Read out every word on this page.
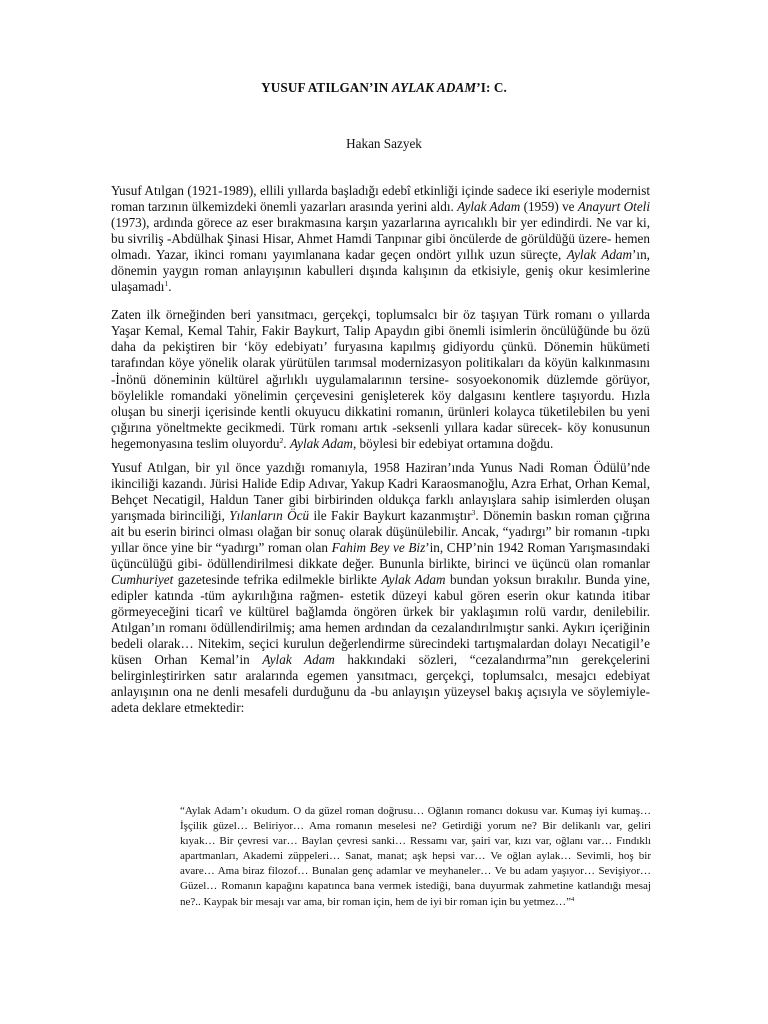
YUSUF ATILGAN’IN AYLAK ADAM’I: C.
Hakan Sazyek

Yusuf Atılgan (1921-1989), ellili yıllarda başladığı edebî etkinliği içinde sadece iki eseriyle modernist roman tarzının ülkemizdeki önemli yazarları arasında yerini aldı. Aylak Adam (1959) ve Anayurt Oteli (1973), ardında görece az eser bırakmasına karşın yazarlarına ayrıcalıklı bir yer edindirdi. Ne var ki, bu sivriliş -Abdülhak Şinasi Hisar, Ahmet Hamdi Tanpınar gibi öncülerde de görüldüğü üzere- hemen olmadı. Yazar, ikinci romanı yayımlanana kadar geçen ondört yıllık uzun süreçte, Aylak Adam’ın, dönemin yaygın roman anlayışının kabulleri dışında kalışının da etkisiyle, geniş okur kesimlerine ulaşamadı$^1$.

Zaten ilk örneğinden beri yansıtmacı, gerçekçi, toplumsalcı bir öz taşıyan Türk romanı o yıllarda Yaşar Kemal, Kemal Tahir, Fakir Baykurt, Talip Apaydın gibi önemli isimlerin öncülüğünde bu özü daha da pekiştiren bir ‘köy edebiyatı’ furyasına kapılmış gidiyordu çünkü. Dönemin hükümeti tarafından köye yönelik olarak yürütülen tarımsal modernizasyon politikaları da köyün kalkınmasını -İnönü döneminin kültürel ağırlıklı uygulamalarının tersine- sosyoekonomik düzlemde görüyor, böylelikle romandaki yönelimin çerçevesini genişleterek köy dalgasını kentlere taşıyordu. Hızla oluşan bu sinerji içerisinde kentli okuyucu dikkatini romanın, ürünleri kolayca tüketilebilen bu yeni çığırına yöneltmekte gecikmedi. Türk romanı artık -seksenli yıllara kadar sürecek- köy konusunun hegemonyasına teslim oluyordu$^2$. Aylak Adam, böylesi bir edebiyat ortamına doğdu.

Yusuf Atılgan, bir yıl önce yazdığı romanıyla, 1958 Haziran’ında Yunus Nadi Roman Ödülü’nde ikinciliği kazandı. Jürisi Halide Edip Adıvar, Yakup Kadri Karaosmanoğlu, Azra Erhat, Orhan Kemal, Behçet Necatigil, Haldun Taner gibi birbirinden oldukça farklı anlayışlara sahip isimlerden oluşan yarışmada birinciliği, Yılanların Öcü ile Fakir Baykurt kazanmıştır$^3$. Dönemin baskın roman çığrına ait bu eserin birinci olması olağan bir sonuç olarak düşünülebilir. Ancak, “yadırgı” bir romanın -tıpkı yıllar önce yine bir “yadırgı” roman olan Fahim Bey ve Biz’in, CHP’nin 1942 Roman Yarışmasındaki üçüncülüğü gibi- ödüllendirilmesi dikkate değer. Bununla birlikte, birinci ve üçüncü olan romanlar Cumhuriyet gazetesinde tefrika edilmekle birlikte Aylak Adam bundan yoksun bırakılır. Bunda yine, edipler katında -tüm aykırılığına rağmen- estetik düzeyi kabul gören eserin okur katında itibar görmeyeceğini ticarî ve kültürel bağlamda öngören ürkek bir yaklaşımın rolü vardır, denilebilir. Atılgan’ın romanı ödüllendirilmiş; ama hemen ardından da cezalandırılmıştır sanki. Aykırı içeriğinin bedeli olarak… Nitekim, seçici kurulun değerlendirme sürecindeki tartışmalardan dolayı Necatigil’e küsen Orhan Kemal’in Aylak Adam hakkındaki sözleri, “cezalandırma”nın gerekçelerini belirginleştirirken satır aralarında egemen yansıtmacı, gerçekçi, toplumsalcı, mesajcı edebiyat anlayışının ona ne denli mesafeli durduğunu da -bu anlayışın yüzeysel bakış açısıyla ve söylemiyle- adeta deklare etmektedir:

“Aylak Adam’ı okudum. O da güzel roman doğrusu… Oğlanın romancı dokusu var. Kumaş iyi kumaş… İşçilik güzel… Beliriyor… Ama romanın meselesi ne? Getirdiği yorum ne? Bir delikanlı var, geliri kıyak… Bir çevresi var… Baylan çevresi sanki… Ressamı var, şairi var, kızı var, oğlanı var… Fındıklı apartmanları, Akademi züppeleri… Sanat, manat; aşk hepsi var… Ve oğlan aylak… Sevimli, hoş bir avare… Ama biraz filozof… Bunalan genç adamlar ve meyhaneler… Ve bu adam yaşıyor… Sevişiyor… Güzel… Romanın kapağını kapatınca bana vermek istediği, bana duyurmak zahmetine katlandığı mesaj ne?.. Kaypak bir mesajı var ama, bir roman için, hem de iyi bir roman için bu yetmez…”$^4$
